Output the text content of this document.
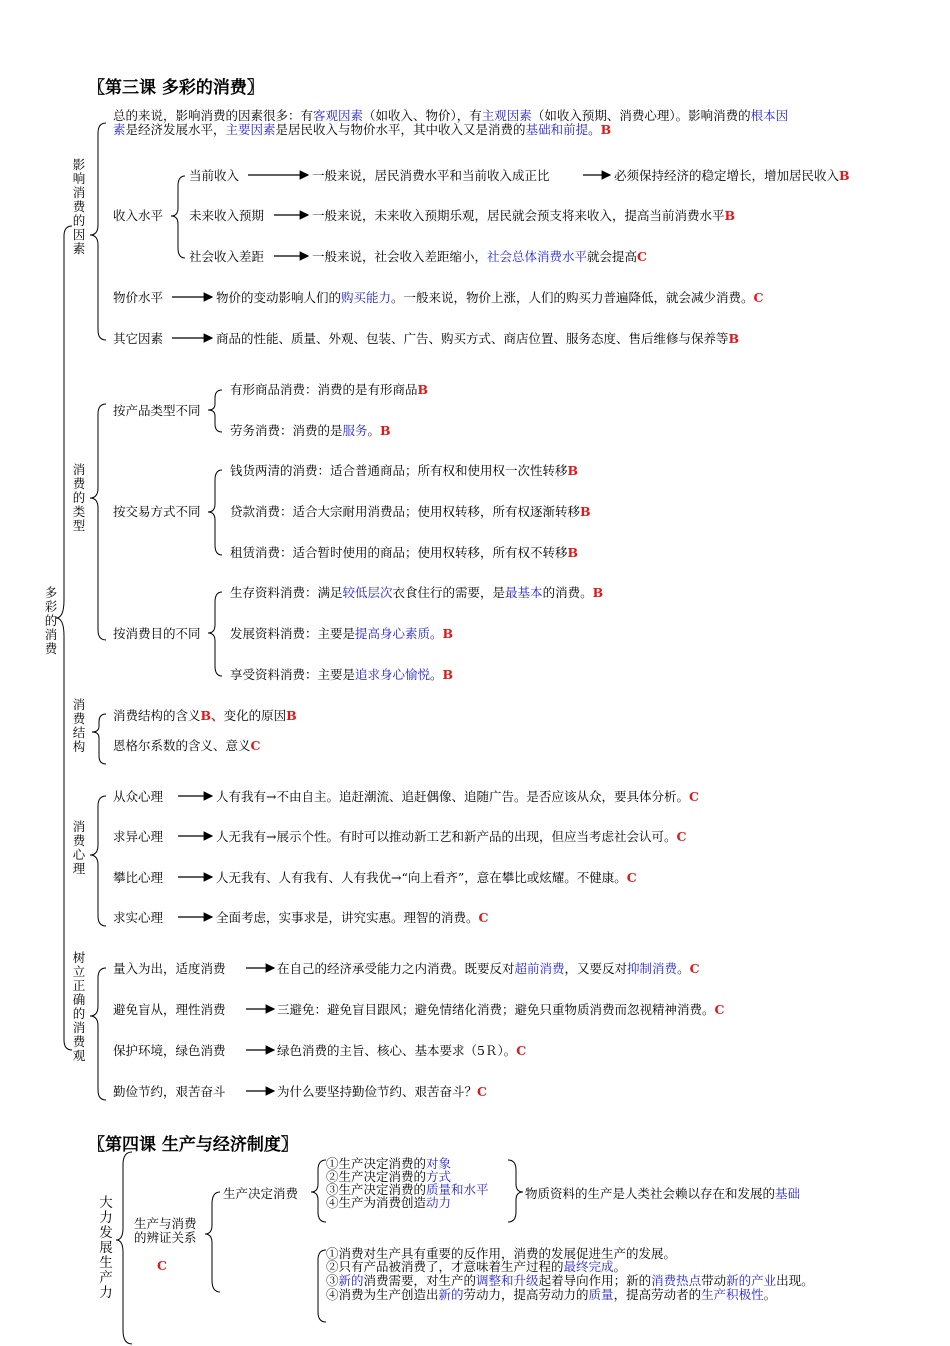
〖第三课 多彩的消费〗
多彩的消费
影响消费的因素
消费的类型
消费结构
消费心理
树立正确的消费观
总的来说，影响消费的因素很多：有客观因素（如收入、物价），有主观因素（如收入预期、消费心理）。影响消费的根本因
素是经济发展水平，主要因素是居民收入与物价水平，其中收入又是消费的基础和前提。B
收入水平
当前收入	一般来说，居民消费水平和当前收入成正比	必须保持经济的稳定增长，增加居民收入B
未来收入预期	一般来说，未来收入预期乐观，居民就会预支将来收入，提高当前消费水平B
社会收入差距	一般来说，社会收入差距缩小，社会总体消费水平就会提高C
物价水平	物价的变动影响人们的购买能力。一般来说，物价上涨，人们的购买力普遍降低，就会减少消费。C
其它因素	商品的性能、质量、外观、包装、广告、购买方式、商店位置、服务态度、售后维修与保养等B
按产品类型不同
有形商品消费：消费的是有形商品B
劳务消费：消费的是服务。B
按交易方式不同
钱货两清的消费：适合普通商品；所有权和使用权一次性转移B
贷款消费：适合大宗耐用消费品；使用权转移，所有权逐渐转移B
租赁消费：适合暂时使用的商品；使用权转移，所有权不转移B
按消费目的不同
生存资料消费：满足较低层次衣食住行的需要，是最基本的消费。B
发展资料消费：主要是提高身心素质。B
享受资料消费：主要是追求身心愉悦。B
消费结构的含义B、变化的原因B
恩格尔系数的含义、意义C
从众心理	人有我有→不由自主。追赶潮流、追赶偶像、追随广告。是否应该从众，要具体分析。C
求异心理	人无我有→展示个性。有时可以推动新工艺和新产品的出现，但应当考虑社会认可。C
攀比心理	人无我有、人有我有、人有我优→“向上看齐”，意在攀比或炫耀。不健康。C
求实心理	全面考虑，实事求是，讲究实惠。理智的消费。C
量入为出，适度消费	在自己的经济承受能力之内消费。既要反对超前消费，又要反对抑制消费。C
避免盲从，理性消费	三避免：避免盲目跟风；避免情绪化消费；避免只重物质消费而忽视精神消费。C
保护环境，绿色消费	绿色消费的主旨、核心、基本要求（5Ｒ）。C
勤俭节约，艰苦奋斗	为什么要坚持勤俭节约、艰苦奋斗？C
〖第四课 生产与经济制度〗
大力发展生产力
生产与消费
的辨证关系
C
生产决定消费
①生产决定消费的对象
②生产决定消费的方式
③生产决定消费的质量和水平
④生产为消费创造动力
物质资料的生产是人类社会赖以存在和发展的基础
①消费对生产具有重要的反作用，消费的发展促进生产的发展。
②只有产品被消费了，才意味着生产过程的最终完成。
③新的消费需要，对生产的调整和升级起着导向作用；新的消费热点带动新的产业出现。
④消费为生产创造出新的劳动力，提高劳动力的质量，提高劳动者的生产积极性。
